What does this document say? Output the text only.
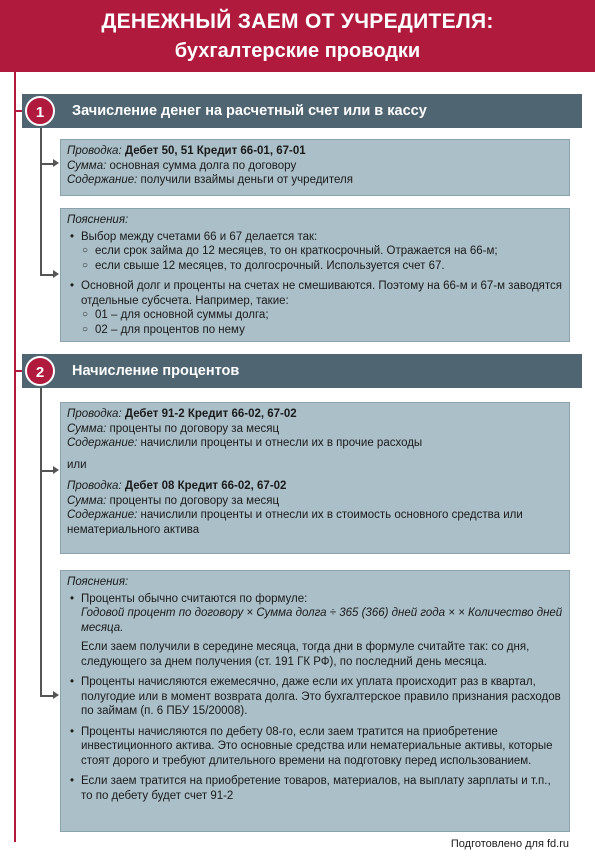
ДЕНЕЖНЫЙ ЗАЕМ ОТ УЧРЕДИТЕЛЯ:
бухгалтерские проводки
Зачисление денег на расчетный счет или в кассу
1

Проводка: Дебет 50, 51 Кредит 66-01, 67-01

Сумма: основная сумма долга по договору

Содержание: получили взаймы деньги от учредителя

Пояснения:

• Выбор между счетами 66 и 67 делается так:
○ если срок займа до 12 месяцев, то он краткосрочный. Отражается на 66-м;
○ если свыше 12 месяцев, то долгосрочный. Используется счет 67.
• Основной долг и проценты на счетах не смешиваются. Поэтому на 66-м и 67-м заводятся отдельные субсчета. Например, такие:
○ 01 – для основной суммы долга;
○ 02 – для процентов по нему
Начисление процентов
2

Проводка: Дебет 91-2 Кредит 66-02, 67-02

Сумма: проценты по договору за месяц

Содержание: начислили проценты и отнесли их в прочие расходы

или

Проводка: Дебет 08 Кредит 66-02, 67-02

Сумма: проценты по договору за месяц

Содержание: начислили проценты и отнесли их в стоимость основного средства или нематериального актива

Пояснения:

• Проценты обычно считаются по формуле:
Годовой процент по договору × Сумма долга ÷ 365 (366) дней года × × Количество дней месяца.
Если заем получили в середине месяца, тогда дни в формуле считайте так: со дня, следующего за днем получения (ст. 191 ГК РФ), по последний день месяца.
• Проценты начисляются ежемесячно, даже если их уплата происходит раз в квартал, полугодие или в момент возврата долга. Это бухгалтерское правило признания расходов по займам (п. 6 ПБУ 15/20008).
• Проценты начисляются по дебету 08-го, если заем тратится на приобретение инвестиционного актива. Это основные средства или нематериальные активы, которые стоят дорого и требуют длительного времени на подготовку перед использованием.
• Если заем тратится на приобретение товаров, материалов, на выплату зарплаты и т.п., то по дебету будет счет 91-2
Подготовлено для fd.ru
